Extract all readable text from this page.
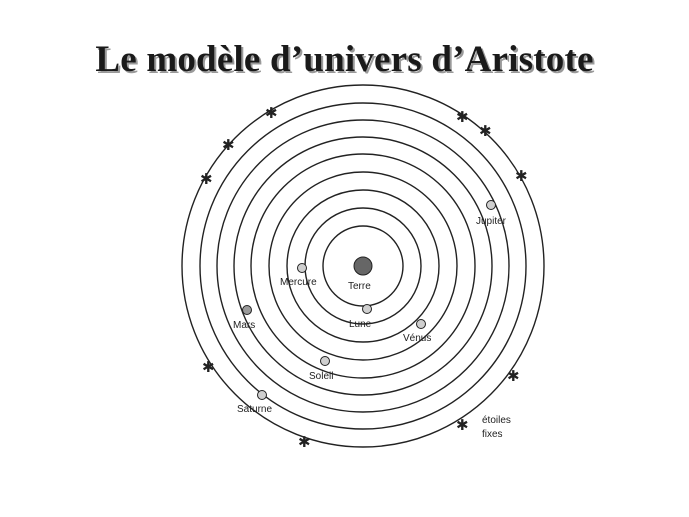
Le modèle d’univers d’Aristote
Terre
Lune
Mercure
Vénus
Soleil
Mars
Jupiter
Saturne
étoiles
fixes
✱
✱
✱
✱
✱
✱
✱	✱
✱
✱
